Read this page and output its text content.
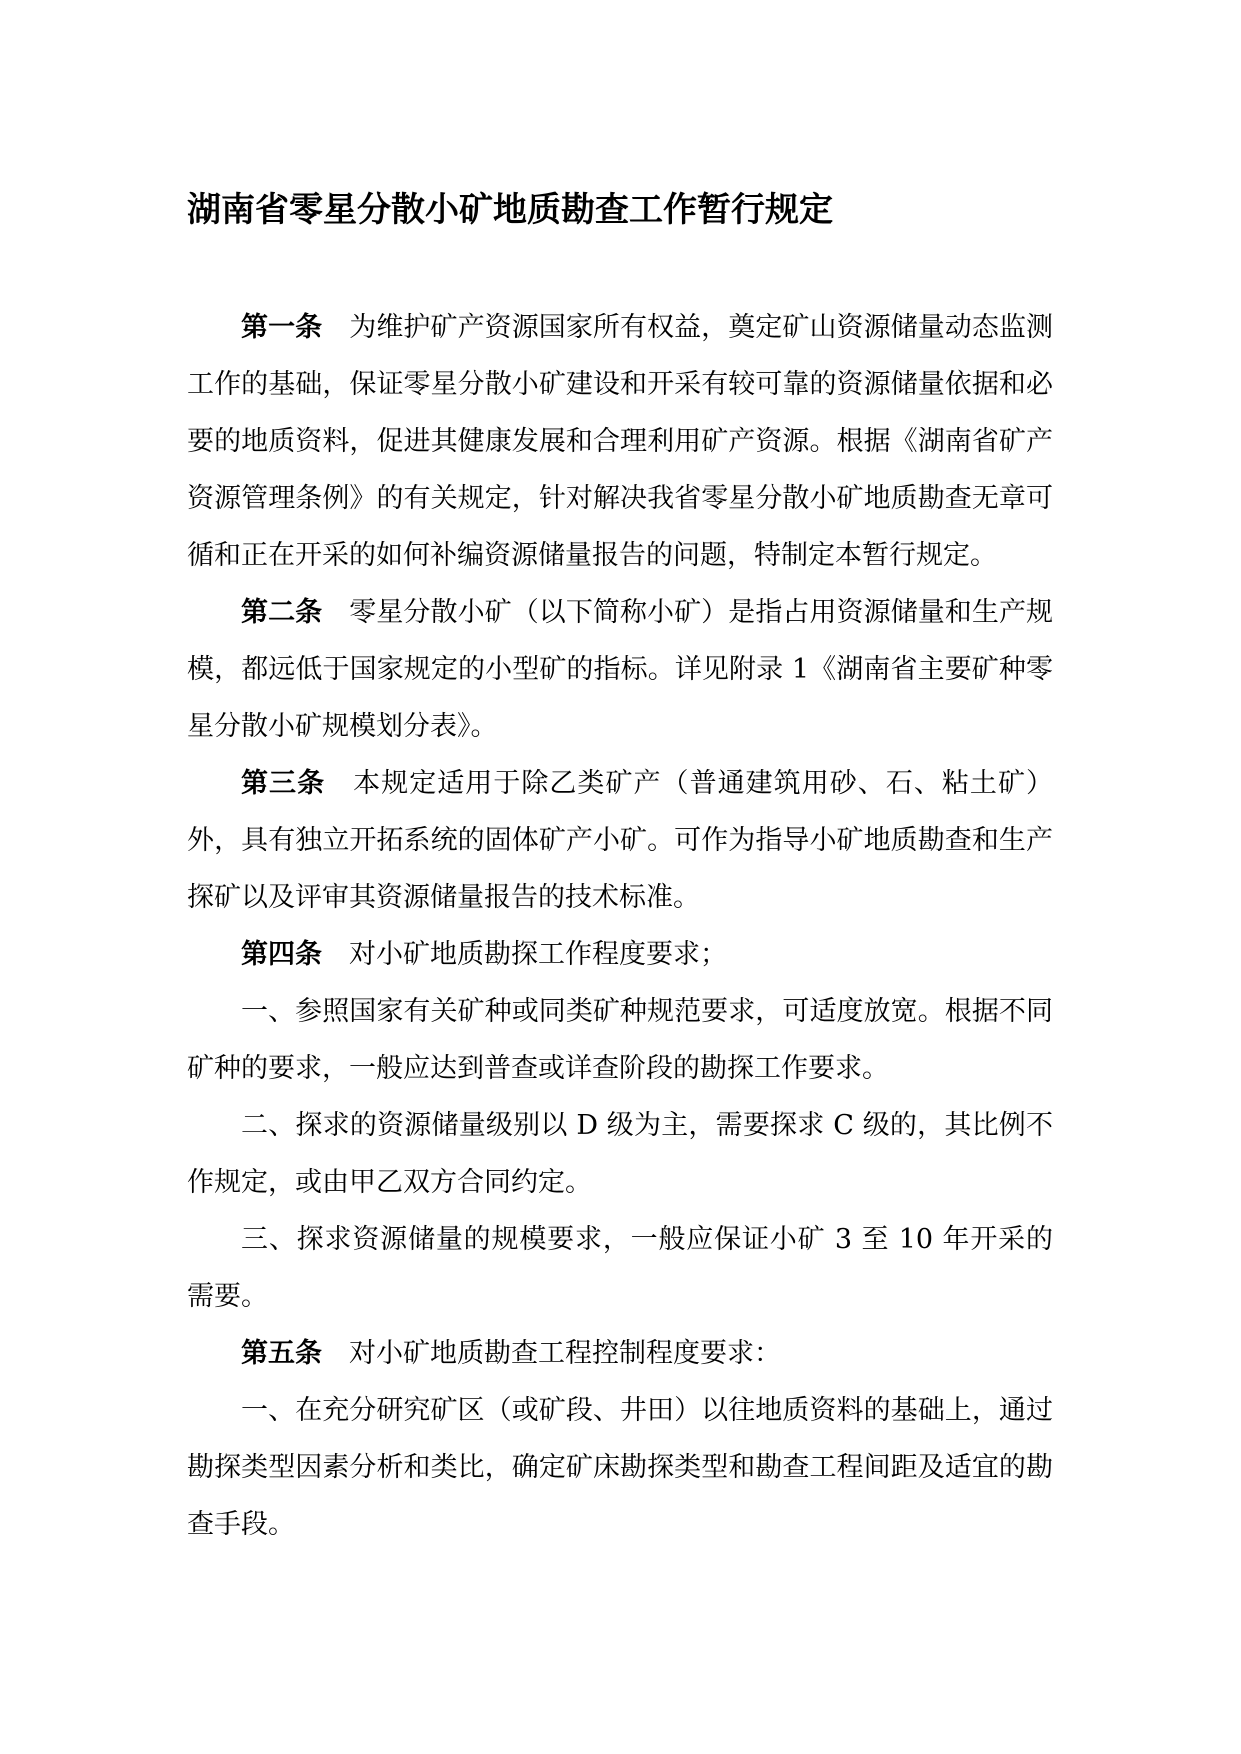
湖南省零星分散小矿地质勘查工作暂行规定

第一条 为维护矿产资源国家所有权益，奠定矿山资源储量动态监测工作的基础，保证零星分散小矿建设和开采有较可靠的资源储量依据和必要的地质资料，促进其健康发展和合理利用矿产资源。根据《湖南省矿产资源管理条例》的有关规定，针对解决我省零星分散小矿地质勘查无章可循和正在开采的如何补编资源储量报告的问题，特制定本暂行规定。

第二条 零星分散小矿（以下简称小矿）是指占用资源储量和生产规模，都远低于国家规定的小型矿的指标。详见附录 1《湖南省主要矿种零星分散小矿规模划分表》。

第三条 本规定适用于除乙类矿产（普通建筑用砂、石、粘土矿）外，具有独立开拓系统的固体矿产小矿。可作为指导小矿地质勘查和生产探矿以及评审其资源储量报告的技术标准。

第四条 对小矿地质勘探工作程度要求；

一、参照国家有关矿种或同类矿种规范要求，可适度放宽。根据不同矿种的要求，一般应达到普查或详查阶段的勘探工作要求。

二、探求的资源储量级别以 D 级为主，需要探求 C 级的，其比例不作规定，或由甲乙双方合同约定。

三、探求资源储量的规模要求，一般应保证小矿 3 至 10 年开采的需要。

第五条 对小矿地质勘查工程控制程度要求：

一、在充分研究矿区（或矿段、井田）以往地质资料的基础上，通过勘探类型因素分析和类比，确定矿床勘探类型和勘查工程间距及适宜的勘查手段。
